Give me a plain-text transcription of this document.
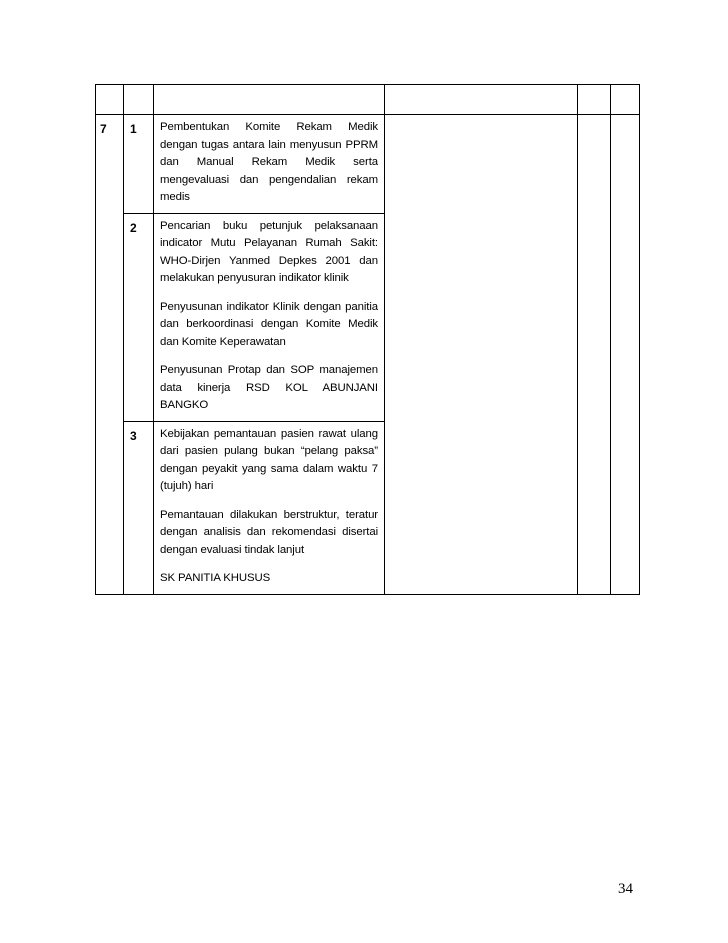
7	1	Pembentukan Komite Rekam Medik dengan tugas antara lain menyusun PPRM dan Manual Rekam Medik serta mengevaluasi dan pengendalian rekam medis			

	2	Pencarian buku petunjuk pelaksanaan indicator Mutu Pelayanan Rumah Sakit: WHO-Dirjen Yanmed Depkes 2001 dan melakukan penyusuran indikator klinik

Penyusunan indikator Klinik dengan panitia dan berkoordinasi dengan Komite Medik dan Komite Keperawatan

Penyusunan Protap dan SOP manajemen data kinerja RSD KOL ABUNJANI BANGKO			

	3	Kebijakan pemantauan pasien rawat ulang dari pasien pulang bukan “pelang paksa” dengan peyakit yang sama dalam waktu 7 (tujuh) hari

Pemantauan dilakukan berstruktur, teratur dengan analisis dan rekomendasi disertai dengan evaluasi tindak lanjut

SK PANITIA KHUSUS			

34
